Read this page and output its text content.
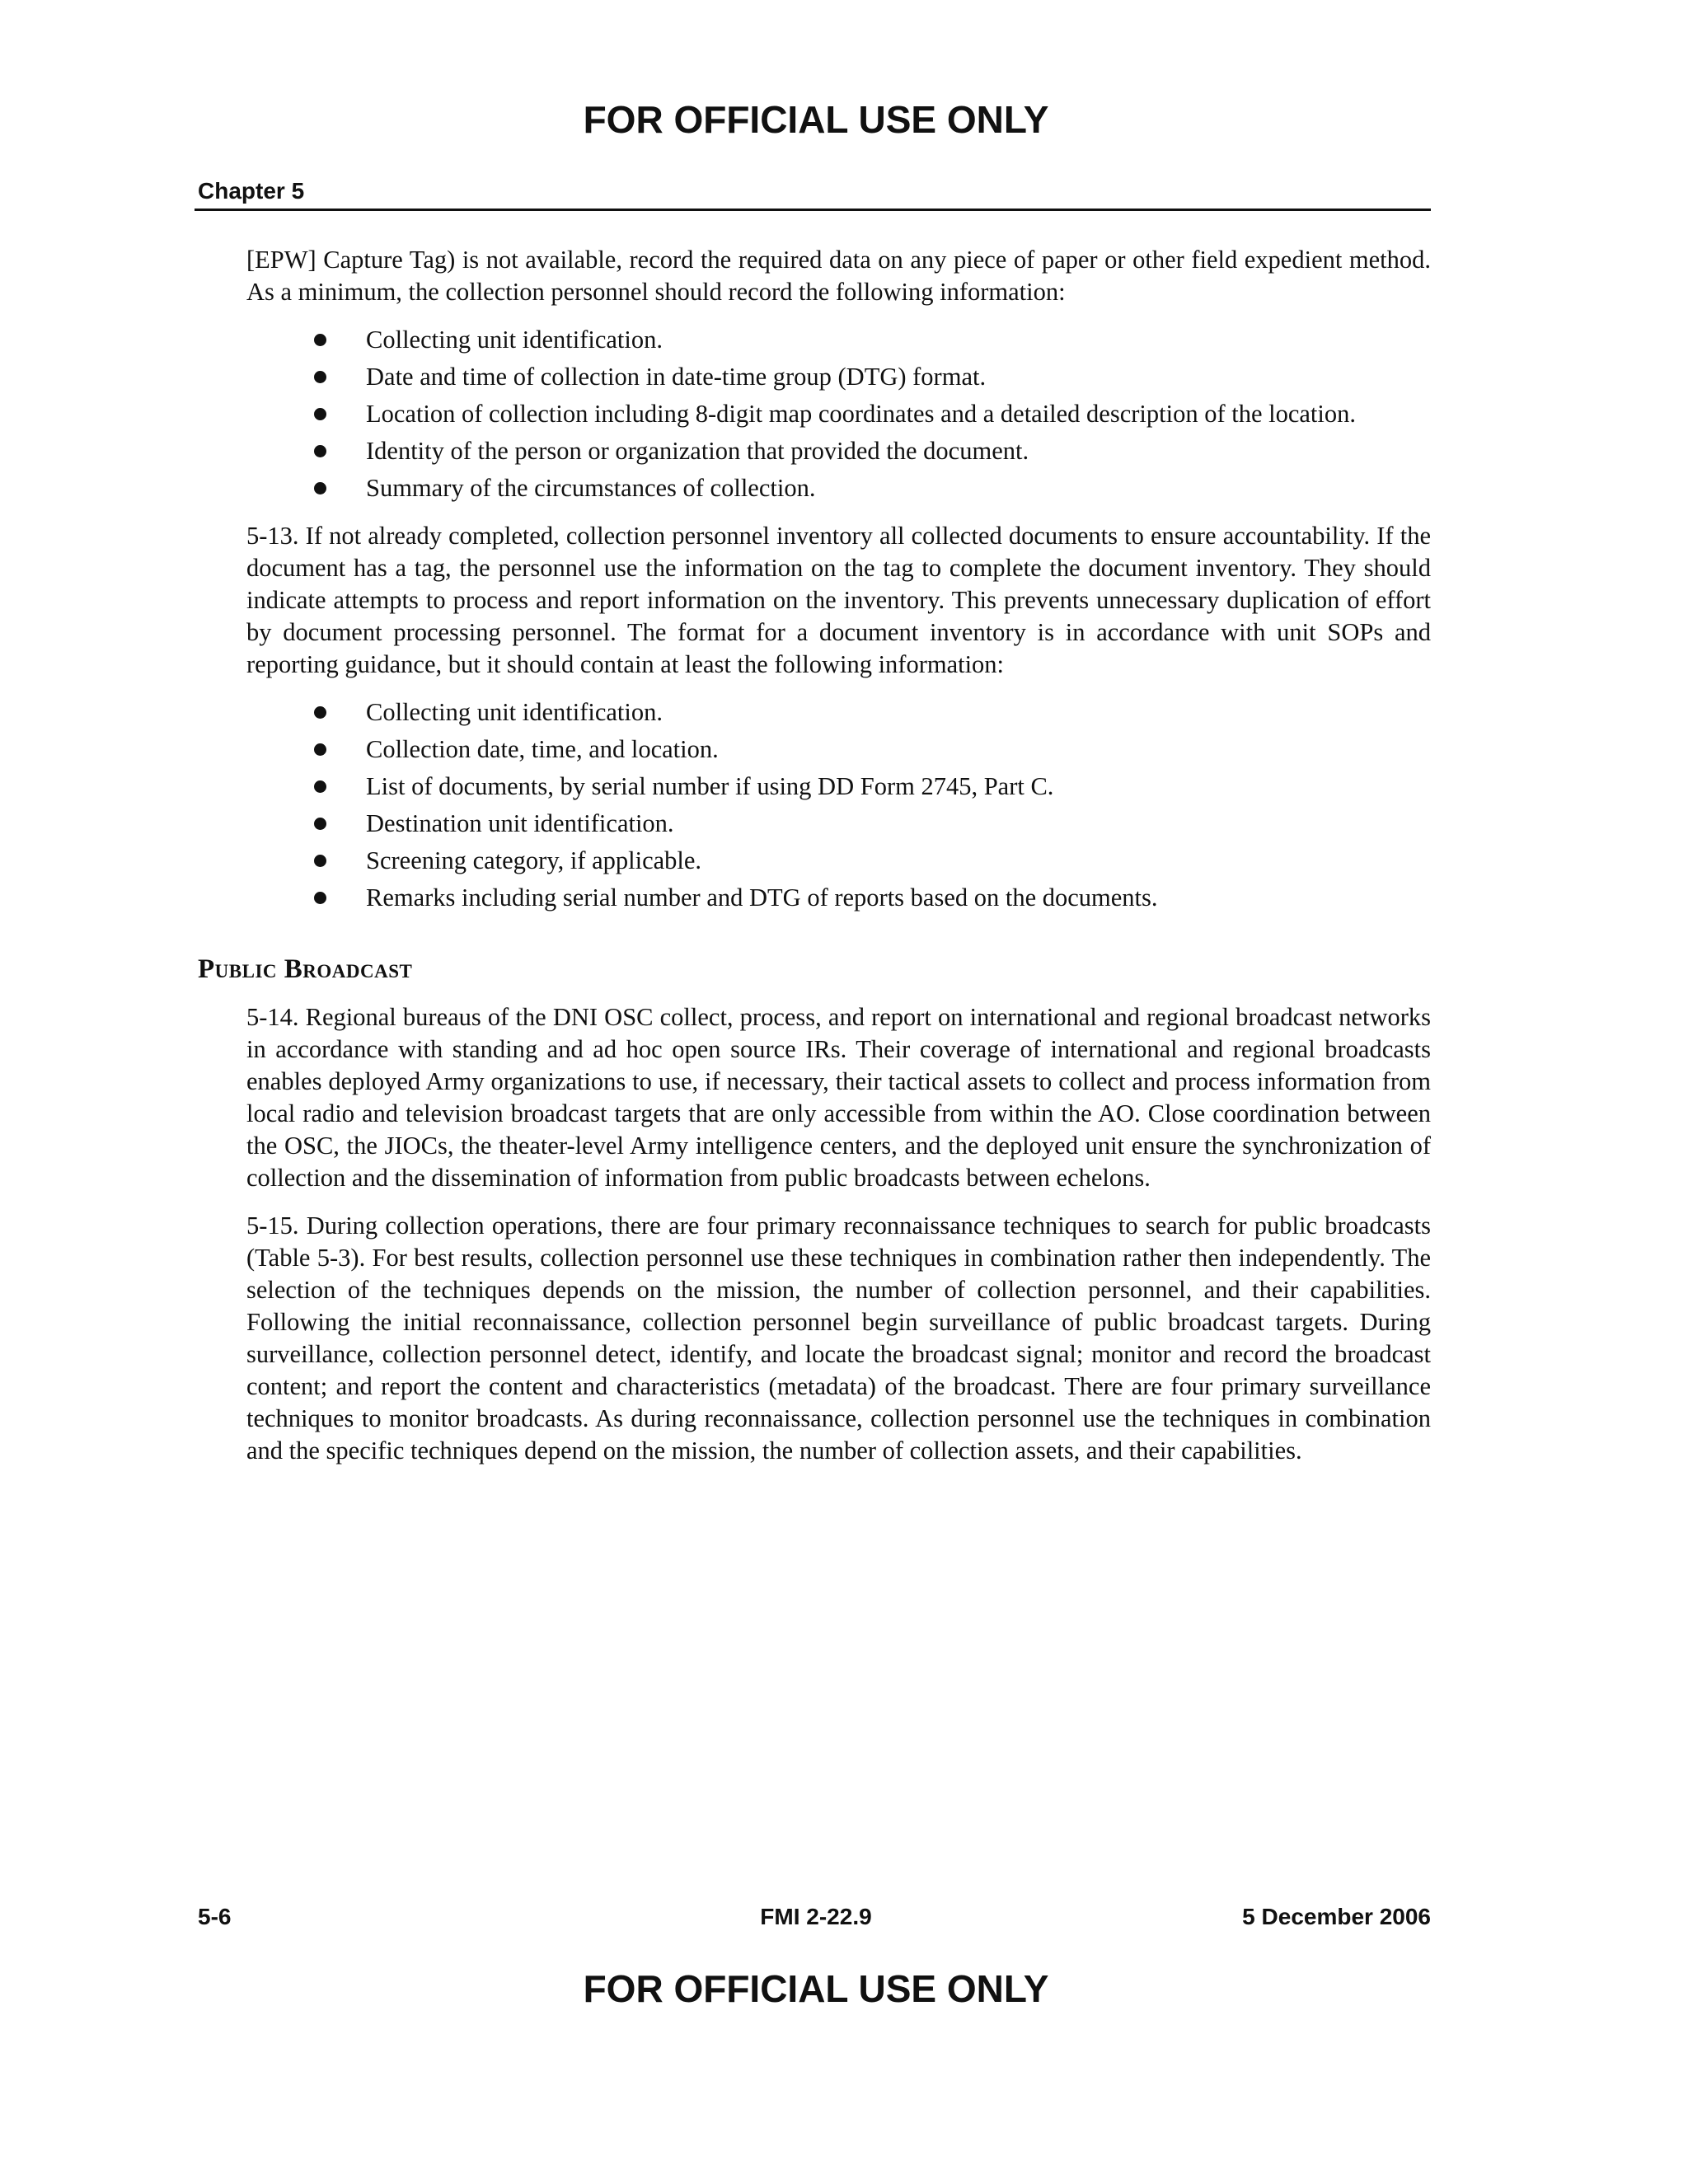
FOR OFFICIAL USE ONLY
Chapter 5

[EPW] Capture Tag) is not available, record the required data on any piece of paper or other field expedient method. As a minimum, the collection personnel should record the following information:

Collecting unit identification.
Date and time of collection in date-time group (DTG) format.
Location of collection including 8-digit map coordinates and a detailed description of the location.
Identity of the person or organization that provided the document.
Summary of the circumstances of collection.

5-13. If not already completed, collection personnel inventory all collected documents to ensure accountability. If the document has a tag, the personnel use the information on the tag to complete the document inventory. They should indicate attempts to process and report information on the inventory. This prevents unnecessary duplication of effort by document processing personnel. The format for a document inventory is in accordance with unit SOPs and reporting guidance, but it should contain at least the following information:

Collecting unit identification.
Collection date, time, and location.
List of documents, by serial number if using DD Form 2745, Part C.
Destination unit identification.
Screening category, if applicable.
Remarks including serial number and DTG of reports based on the documents.
Public Broadcast

5-14. Regional bureaus of the DNI OSC collect, process, and report on international and regional broadcast networks in accordance with standing and ad hoc open source IRs. Their coverage of international and regional broadcasts enables deployed Army organizations to use, if necessary, their tactical assets to collect and process information from local radio and television broadcast targets that are only accessible from within the AO. Close coordination between the OSC, the JIOCs, the theater-level Army intelligence centers, and the deployed unit ensure the synchronization of collection and the dissemination of information from public broadcasts between echelons.

5-15. During collection operations, there are four primary reconnaissance techniques to search for public broadcasts (Table 5-3). For best results, collection personnel use these techniques in combination rather then independently. The selection of the techniques depends on the mission, the number of collection personnel, and their capabilities. Following the initial reconnaissance, collection personnel begin surveillance of public broadcast targets. During surveillance, collection personnel detect, identify, and locate the broadcast signal; monitor and record the broadcast content; and report the content and characteristics (metadata) of the broadcast. There are four primary surveillance techniques to monitor broadcasts. As during reconnaissance, collection personnel use the techniques in combination and the specific techniques depend on the mission, the number of collection assets, and their capabilities.

5-6	FMI 2-22.9	5 December 2006
FOR OFFICIAL USE ONLY
